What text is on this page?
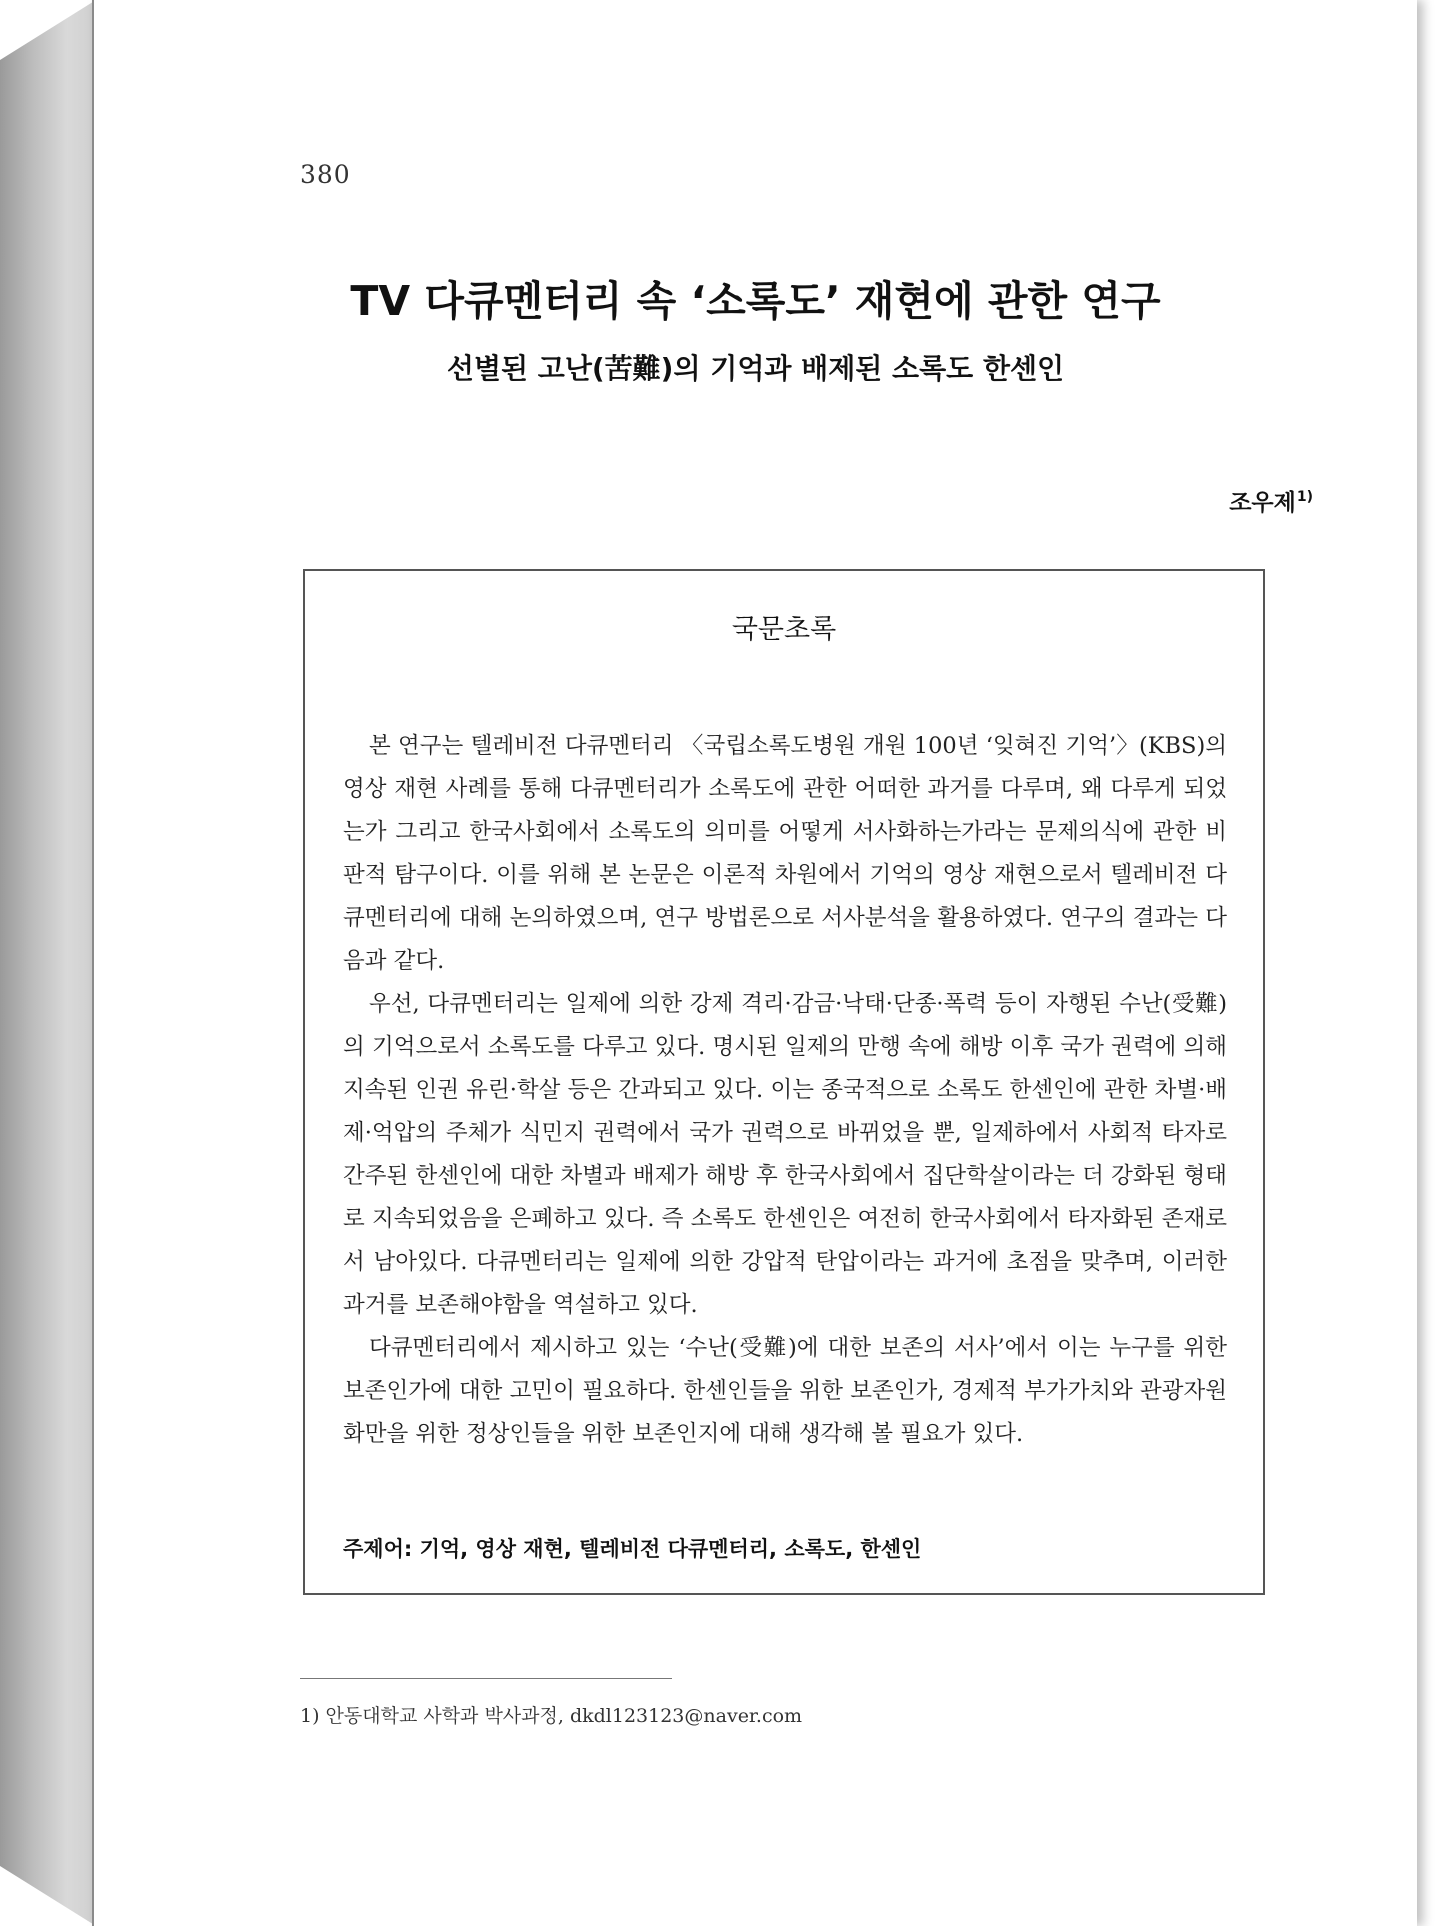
380
TV 다큐멘터리 속 ‘소록도’ 재현에 관한 연구
선별된 고난(苦難)의 기억과 배제된 소록도 한센인
조우제$^{1)}$
국문초록

본 연구는 텔레비전 다큐멘터리 〈국립소록도병원 개원 100년 ‘잊혀진 기억’〉(KBS)의 영상 재현 사례를 통해 다큐멘터리가 소록도에 관한 어떠한 과거를 다루며, 왜 다루게 되었는가 그리고 한국사회에서 소록도의 의미를 어떻게 서사화하는가라는 문제의식에 관한 비판적 탐구이다. 이를 위해 본 논문은 이론적 차원에서 기억의 영상 재현으로서 텔레비전 다큐멘터리에 대해 논의하였으며, 연구 방법론으로 서사분석을 활용하였다. 연구의 결과는 다음과 같다.

우선, 다큐멘터리는 일제에 의한 강제 격리·감금·낙태·단종·폭력 등이 자행된 수난(受難)의 기억으로서 소록도를 다루고 있다. 명시된 일제의 만행 속에 해방 이후 국가 권력에 의해 지속된 인권 유린·학살 등은 간과되고 있다. 이는 종국적으로 소록도 한센인에 관한 차별·배제·억압의 주체가 식민지 권력에서 국가 권력으로 바뀌었을 뿐, 일제하에서 사회적 타자로 간주된 한센인에 대한 차별과 배제가 해방 후 한국사회에서 집단학살이라는 더 강화된 형태로 지속되었음을 은폐하고 있다. 즉 소록도 한센인은 여전히 한국사회에서 타자화된 존재로서 남아있다. 다큐멘터리는 일제에 의한 강압적 탄압이라는 과거에 초점을 맞추며, 이러한 과거를 보존해야함을 역설하고 있다.

다큐멘터리에서 제시하고 있는 ‘수난(受難)에 대한 보존의 서사’에서 이는 누구를 위한 보존인가에 대한 고민이 필요하다. 한센인들을 위한 보존인가, 경제적 부가가치와 관광자원화만을 위한 정상인들을 위한 보존인지에 대해 생각해 볼 필요가 있다.

주제어: 기억, 영상 재현, 텔레비전 다큐멘터리, 소록도, 한센인
1) 안동대학교 사학과 박사과정, dkdl123123@naver.com
